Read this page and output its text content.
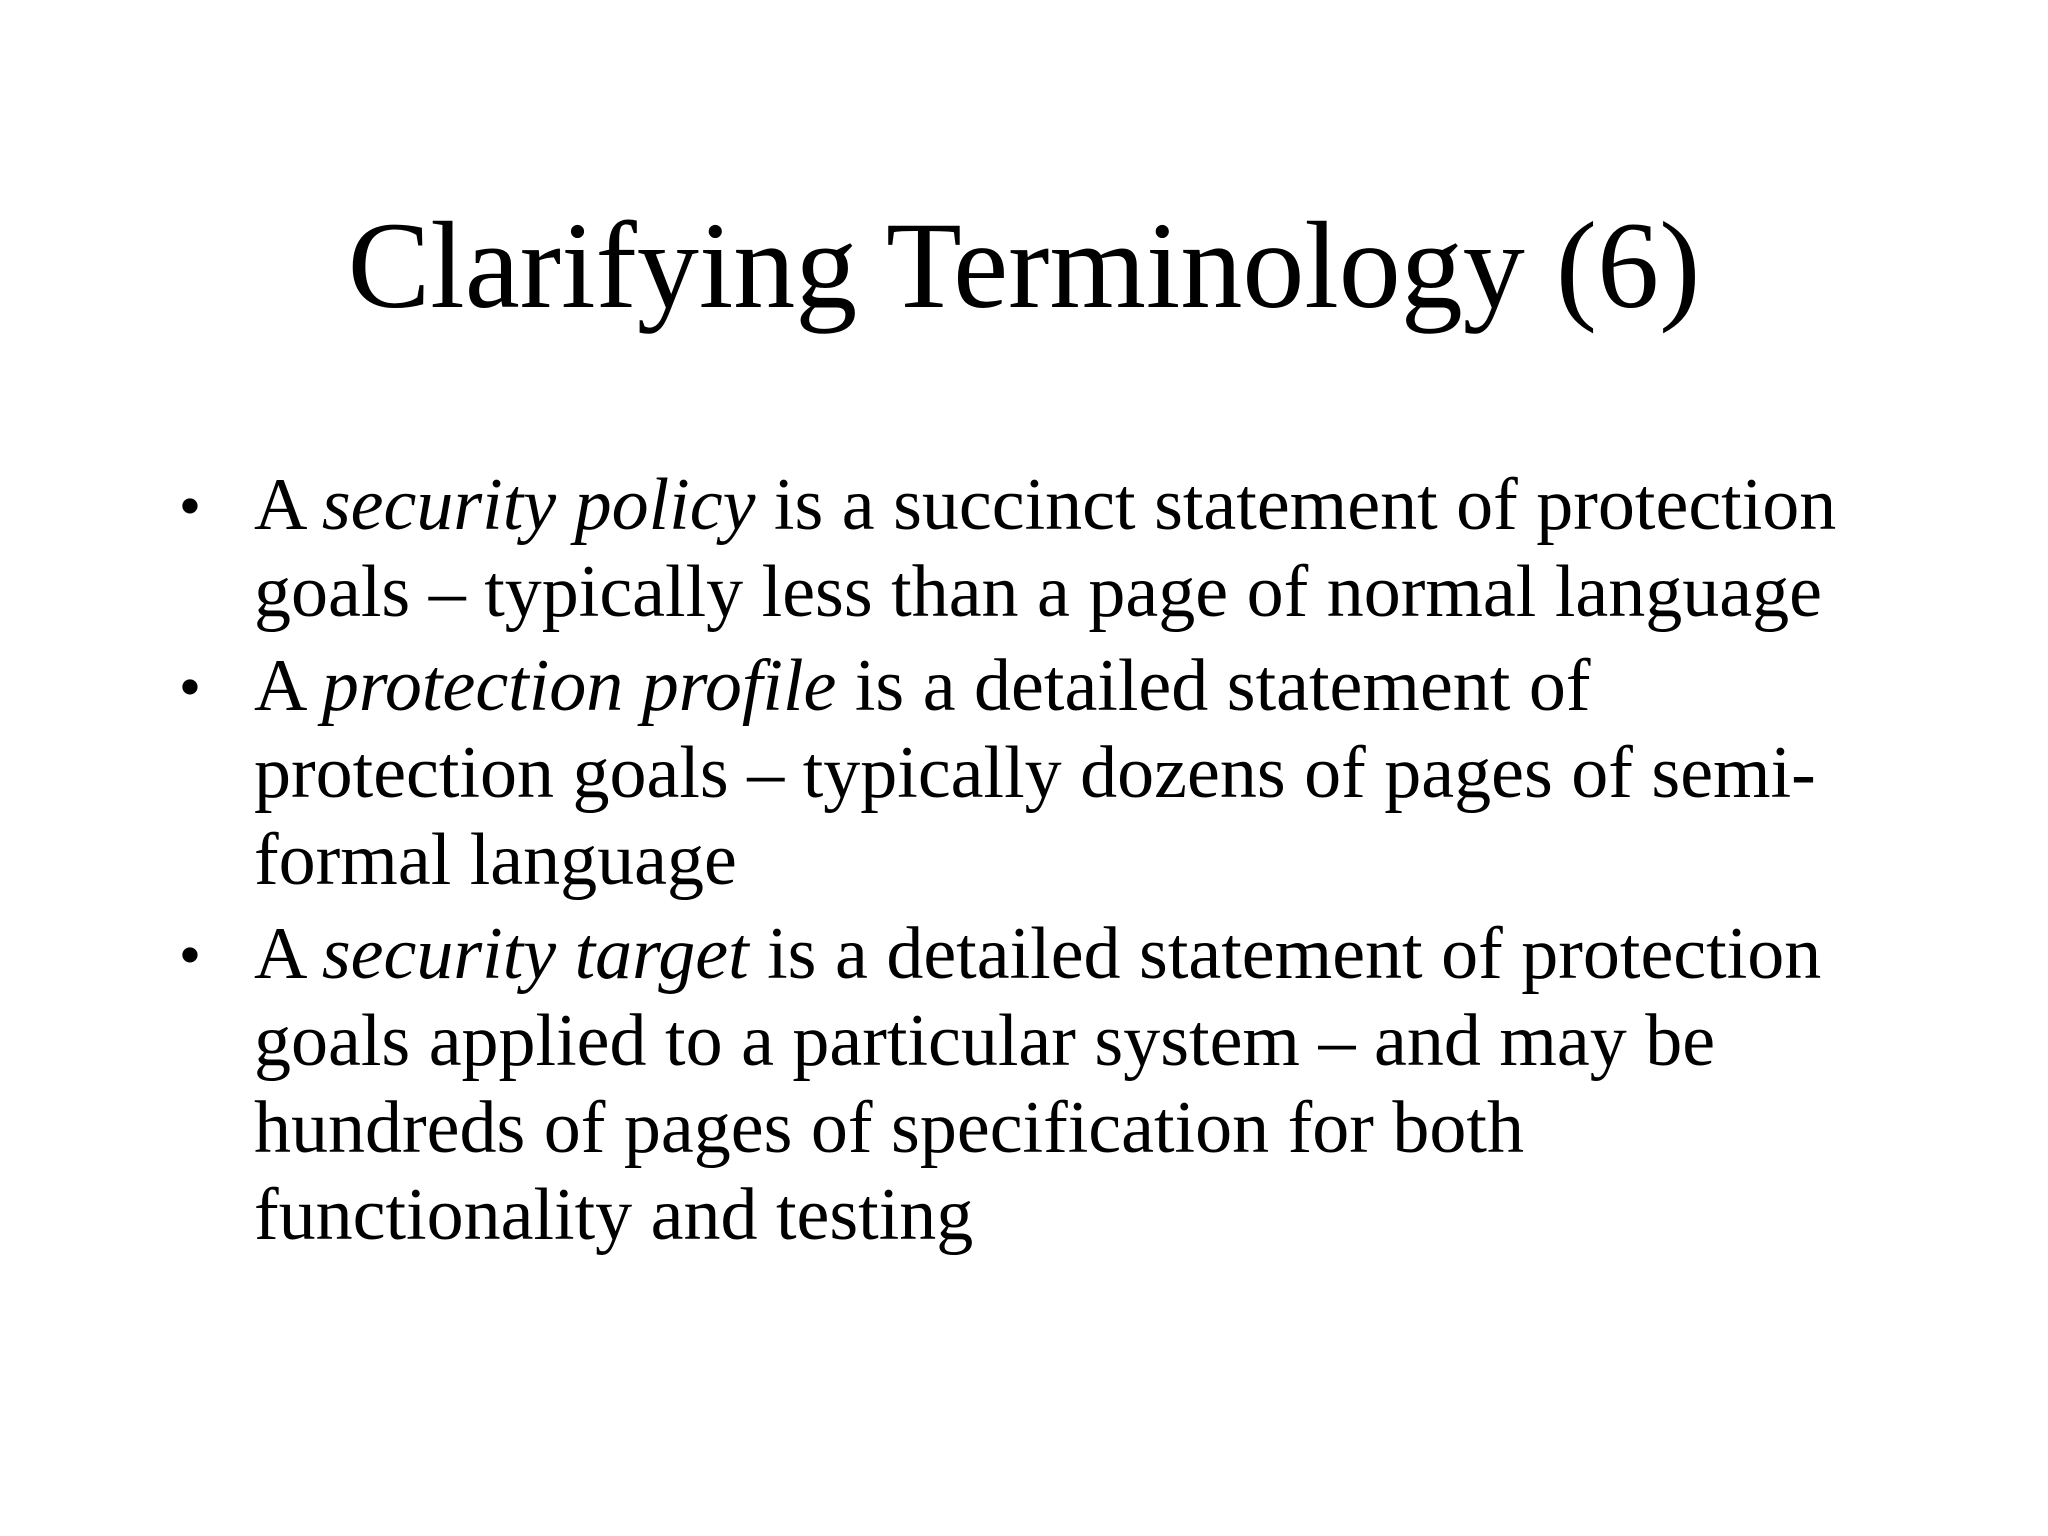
Clarifying Terminology (6)
• A security policy is a succinct statement of protection goals – typically less than a page of normal language
• A protection profile is a detailed statement of protection goals – typically dozens of pages of semi-formal language
• A security target is a detailed statement of protection goals applied to a particular system – and may be hundreds of pages of specification for both functionality and testing
